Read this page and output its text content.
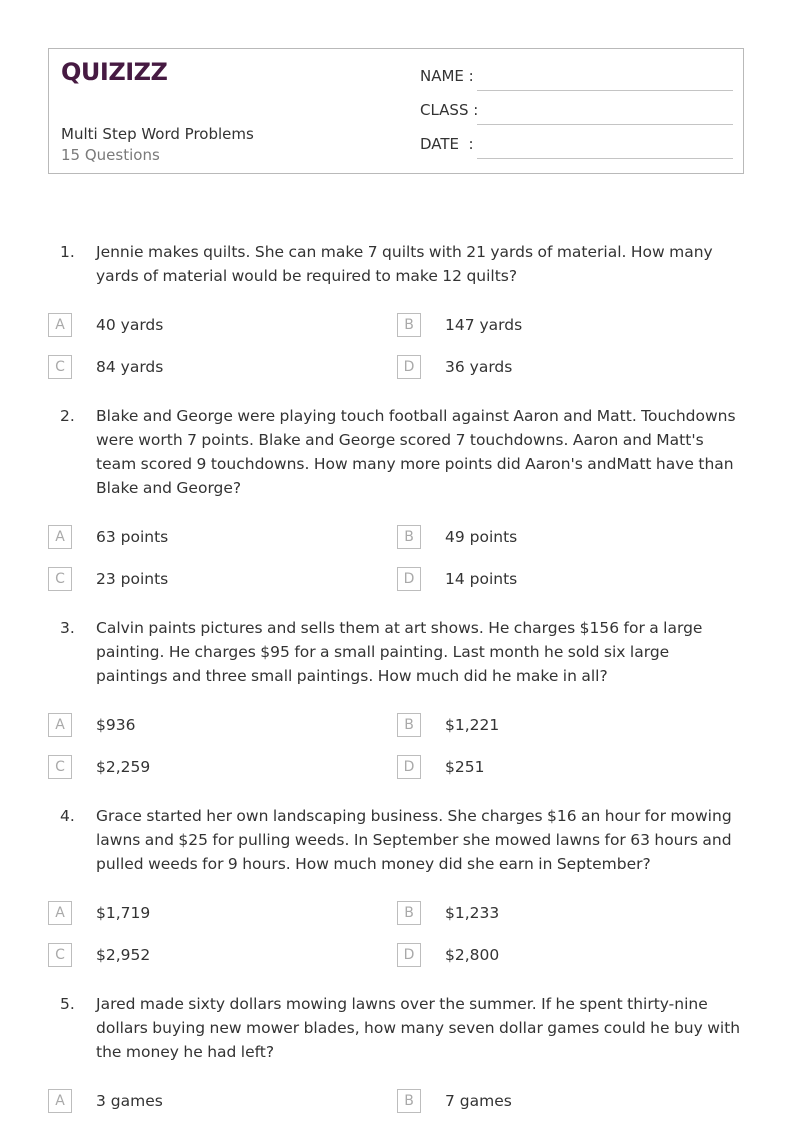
QUIZIZZ
Multi Step Word Problems
15 Questions
NAME :
CLASS :
DATE  :
1. Jennie makes quilts. She can make 7 quilts with 21 yards of material. How many yards of material would be required to make 12 quilts?
A	40 yards	B	147 yards
C	84 yards	D	36 yards
2. Blake and George were playing touch football against Aaron and Matt. Touchdowns were worth 7 points. Blake and George scored 7 touchdowns. Aaron and Matt's team scored 9 touchdowns. How many more points did Aaron's andMatt have than Blake and George?
A	63 points	B	49 points
C	23 points	D	14 points
3. Calvin paints pictures and sells them at art shows. He charges $156 for a large painting. He charges $95 for a small painting. Last month he sold six large paintings and three small paintings. How much did he make in all?
A	$936	B	$1,221
C	$2,259	D	$251
4. Grace started her own landscaping business. She charges $16 an hour for mowing lawns and $25 for pulling weeds. In September she mowed lawns for 63 hours and pulled weeds for 9 hours. How much money did she earn in September?
A	$1,719	B	$1,233
C	$2,952	D	$2,800
5. Jared made sixty dollars mowing lawns over the summer. If he spent thirty-nine dollars buying new mower blades, how many seven dollar games could he buy with the money he had left?
A	3 games	B	7 games
